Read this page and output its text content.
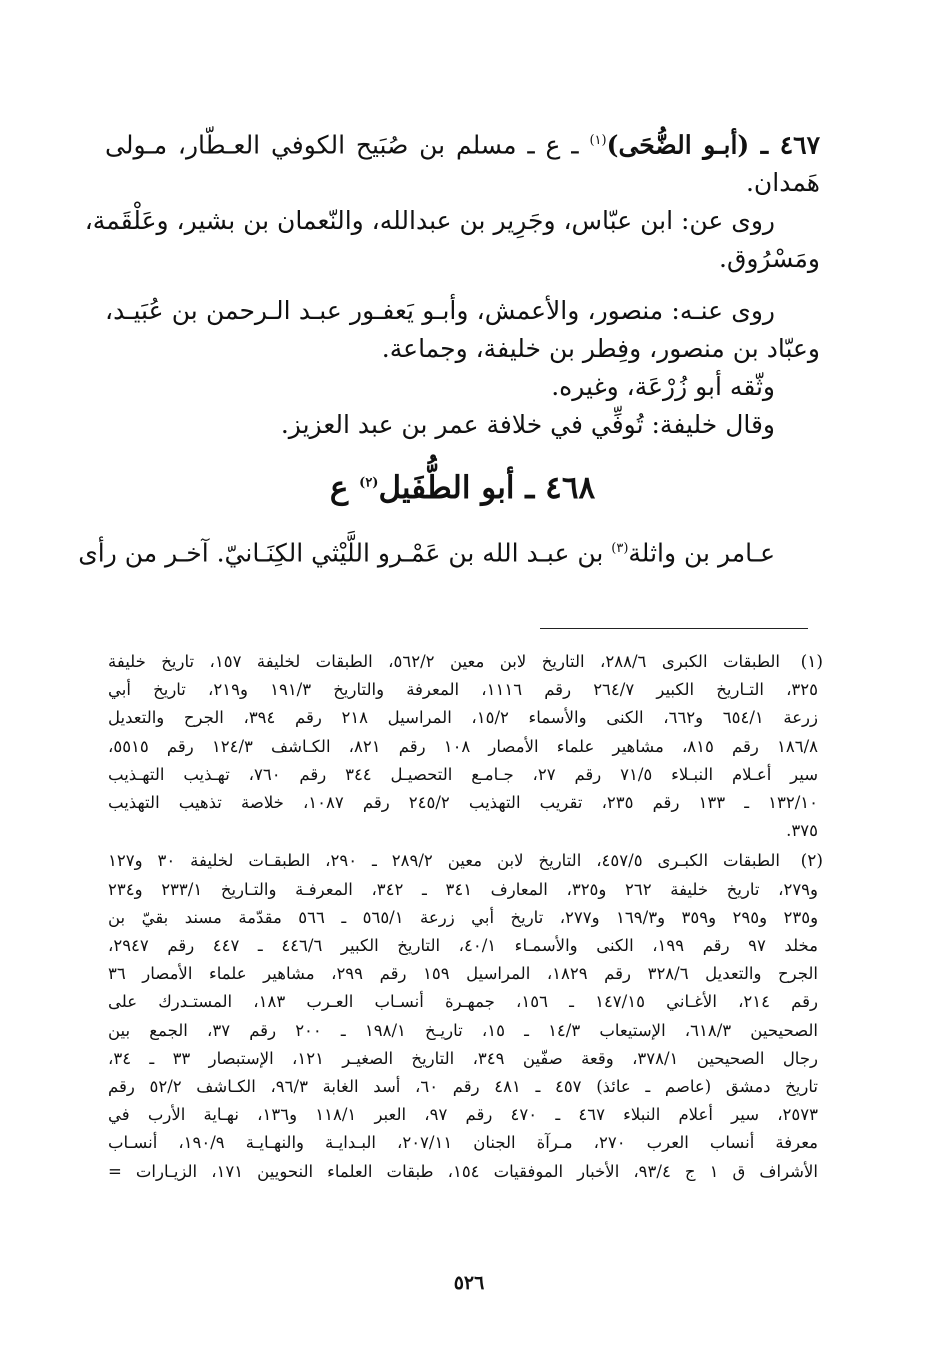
٤٦٧ ـ (أبـو الضُّحَى)$^{(١)}$ ـ ع ـ مسلم بن صُبَيح الكوفي العـطّار، مـولى
هَمدان.
روى عن: ابن عبّاس، وجَرِير بن عبدالله، والنّعمان بن بشير، وعَلْقَمة،
ومَسْرُوق.
روى عنـه: منصور، والأعمش، وأبـو يَعفـور عبـد الـرحمن بن عُبَيـد،
وعبّاد بن منصور، وفِطر بن خليفة، وجماعة.
وثّقه أبو زُرْعَة، وغيره.
وقال خليفة: تُوفِّي في خلافة عمر بن عبد العزيز.
٤٦٨ ـ أبو الطُّفَيل$^{(٢)}$ ع
عـامر بن واثلة$^{(٣)}$ بن عبـد الله بن عَمْـرو اللَّيْثي الكِنَـانيّ. آخـر من رأى
الطبقات الكبرى ٢٨٨/٦، التاريخ لابن معين ٥٦٢/٢، الطبقات لخليفة ١٥٧، تاريخ خليفة
٣٢٥، التـاريخ الكبير ٢٦٤/٧ رقم ١١١٦، المعرفة والتاريخ ١٩١/٣ و٢١٩، تاريخ أبي
زرعة ٦٥٤/١ و٦٦٢، الكنى والأسماء ١٥/٢، المراسيل ٢١٨ رقم ٣٩٤، الجرح والتعديل
١٨٦/٨ رقم ٨١٥، مشاهير علماء الأمصار ١٠٨ رقم ٨٢١، الكـاشف ١٢٤/٣ رقم ٥٥١٥،
سير أعـلام النبـلاء ٧١/٥ رقم ٢٧، جـامـع التحصيـل ٣٤٤ رقم ٧٦٠، تهـذيب التهـذيب
١٣٢/١٠ ـ ١٣٣ رقم ٢٣٥، تقريب التهذيب ٢٤٥/٢ رقم ١٠٨٧، خلاصة تذهيب التهذيب
٣٧٥.
(١)
الطبقات الكبـرى ٤٥٧/٥، التاريخ لابن معين ٢٨٩/٢ ـ ٢٩٠، الطبقـات لخليفة ٣٠ و١٢٧
و٢٧٩، تاريخ خليفة ٢٦٢ و٣٢٥، المعارف ٣٤١ ـ ٣٤٢، المعرفـة والتـاريخ ٢٣٣/١ و٢٣٤
و٢٣٥ و٢٩٥ و٣٥٩ و١٦٩/٣ و٢٧٧، تاريخ أبي زرعة ٥٦٥/١ ـ ٥٦٦ مقدّمة مسند بقيّ بن
مخلد ٩٧ رقم ١٩٩، الكنى والأسمـاء ٤٠/١، التاريخ الكبير ٤٤٦/٦ ـ ٤٤٧ رقم ٢٩٤٧،
الجرح والتعديل ٣٢٨/٦ رقم ١٨٢٩، المراسيل ١٥٩ رقم ٢٩٩، مشاهير علماء الأمصار ٣٦
رقم ٢١٤، الأغـاني ١٤٧/١٥ ـ ١٥٦، جمهـرة أنسـاب العـرب ١٨٣، المستـدرك على
الصحيحين ٦١٨/٣، الإستيعاب ١٤/٣ ـ ١٥، تاريـخ ١٩٨/١ ـ ٢٠٠ رقم ٣٧، الجمع بين
رجال الصحيحين ٣٧٨/١، وقعة صفّين ٣٤٩، التاريخ الصغيـر ١٢١، الإستبصار ٣٣ ـ ٣٤،
تاريخ دمشق (عاصم ـ عائذ) ٤٥٧ ـ ٤٨١ رقم ٦٠، أسد الغابة ٩٦/٣، الكـاشف ٥٢/٢ رقم
٢٥٧٣، سير أعلام النبلاء ٤٦٧ ـ ٤٧٠ رقم ٩٧، العبر ١١٨/١ و١٣٦، نهـاية الأرب في
معرفة أنساب العرب ٢٧٠، مـرآة الجنان ٢٠٧/١١، البـدايـة والنهـايـة ١٩٠/٩، أنسـاب
الأشراف ق ١ ج ٩٣/٤، الأخبار الموفقيات ١٥٤، طبقات العلماء النحويين ١٧١، الزيـارات =
(٢)
٥٢٦
